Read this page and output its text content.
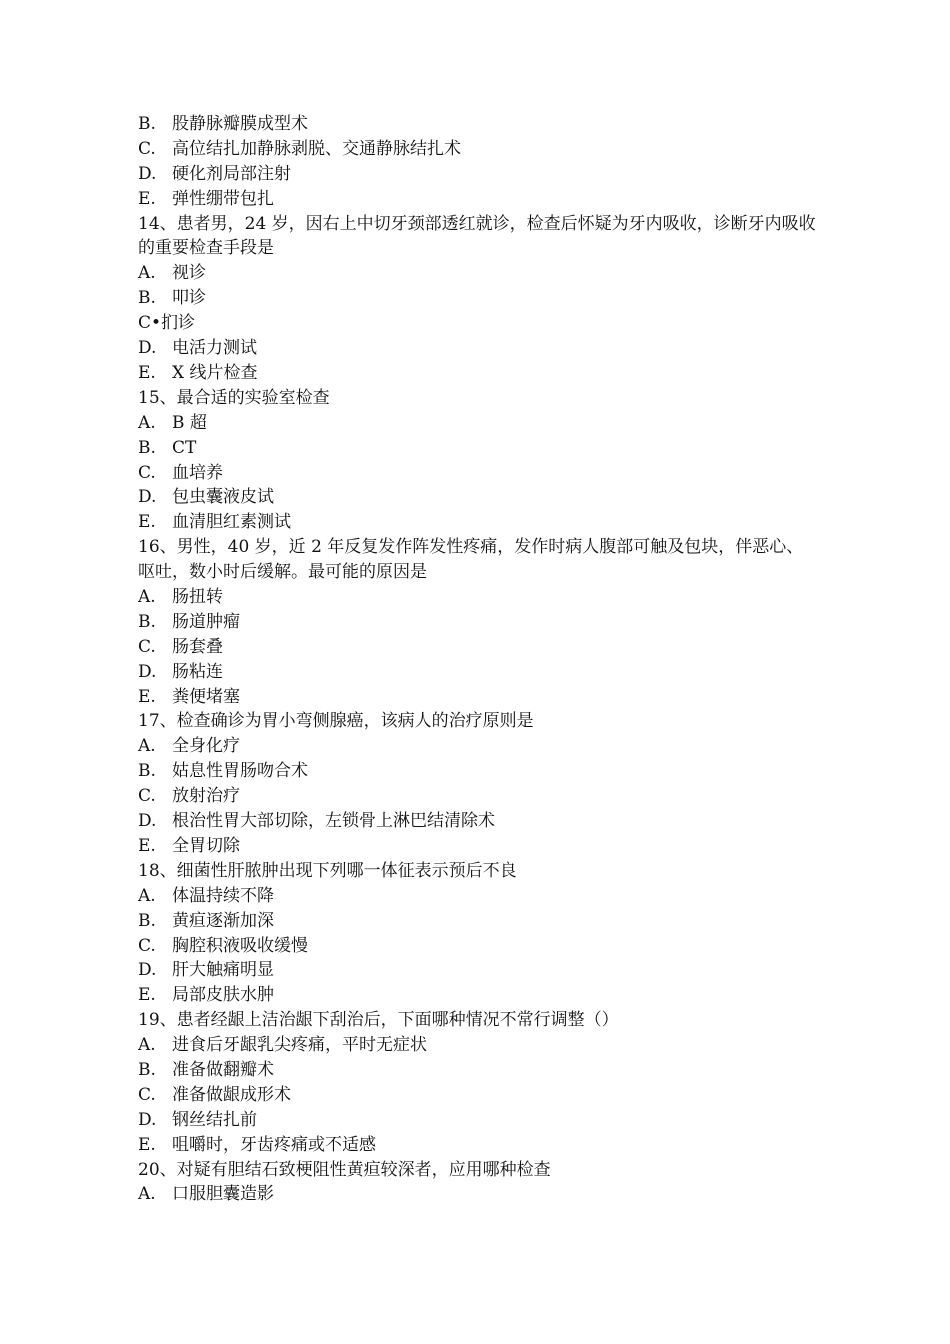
B. 股静脉瓣膜成型术
C. 高位结扎加静脉剥脱、交通静脉结扎术
D. 硬化剂局部注射
E. 弹性绷带包扎
14、患者男，24 岁，因右上中切牙颈部透红就诊，检查后怀疑为牙内吸收，诊断牙内吸收的重要检查手段是
A. 视诊
B. 叩诊
C•扪诊
D. 电活力测试
E. X 线片检查
15、最合适的实验室检查
A. B 超
B. CT
C. 血培养
D. 包虫囊液皮试
E. 血清胆红素测试
16、男性，40 岁，近 2 年反复发作阵发性疼痛，发作时病人腹部可触及包块，伴恶心、呕吐，数小时后缓解。最可能的原因是
A. 肠扭转
B. 肠道肿瘤
C. 肠套叠
D. 肠粘连
E. 粪便堵塞
17、检查确诊为胃小弯侧腺癌，该病人的治疗原则是
A. 全身化疗
B. 姑息性胃肠吻合术
C. 放射治疗
D. 根治性胃大部切除，左锁骨上淋巴结清除术
E. 全胃切除
18、细菌性肝脓肿出现下列哪一体征表示预后不良
A. 体温持续不降
B. 黄疸逐渐加深
C. 胸腔积液吸收缓慢
D. 肝大触痛明显
E. 局部皮肤水肿
19、患者经龈上洁治龈下刮治后，下面哪种情况不常行调整（）
A. 进食后牙龈乳尖疼痛，平时无症状
B. 准备做翻瓣术
C. 准备做龈成形术
D. 钢丝结扎前
E. 咀嚼时，牙齿疼痛或不适感
20、对疑有胆结石致梗阻性黄疸较深者，应用哪种检查
A. 口服胆囊造影
